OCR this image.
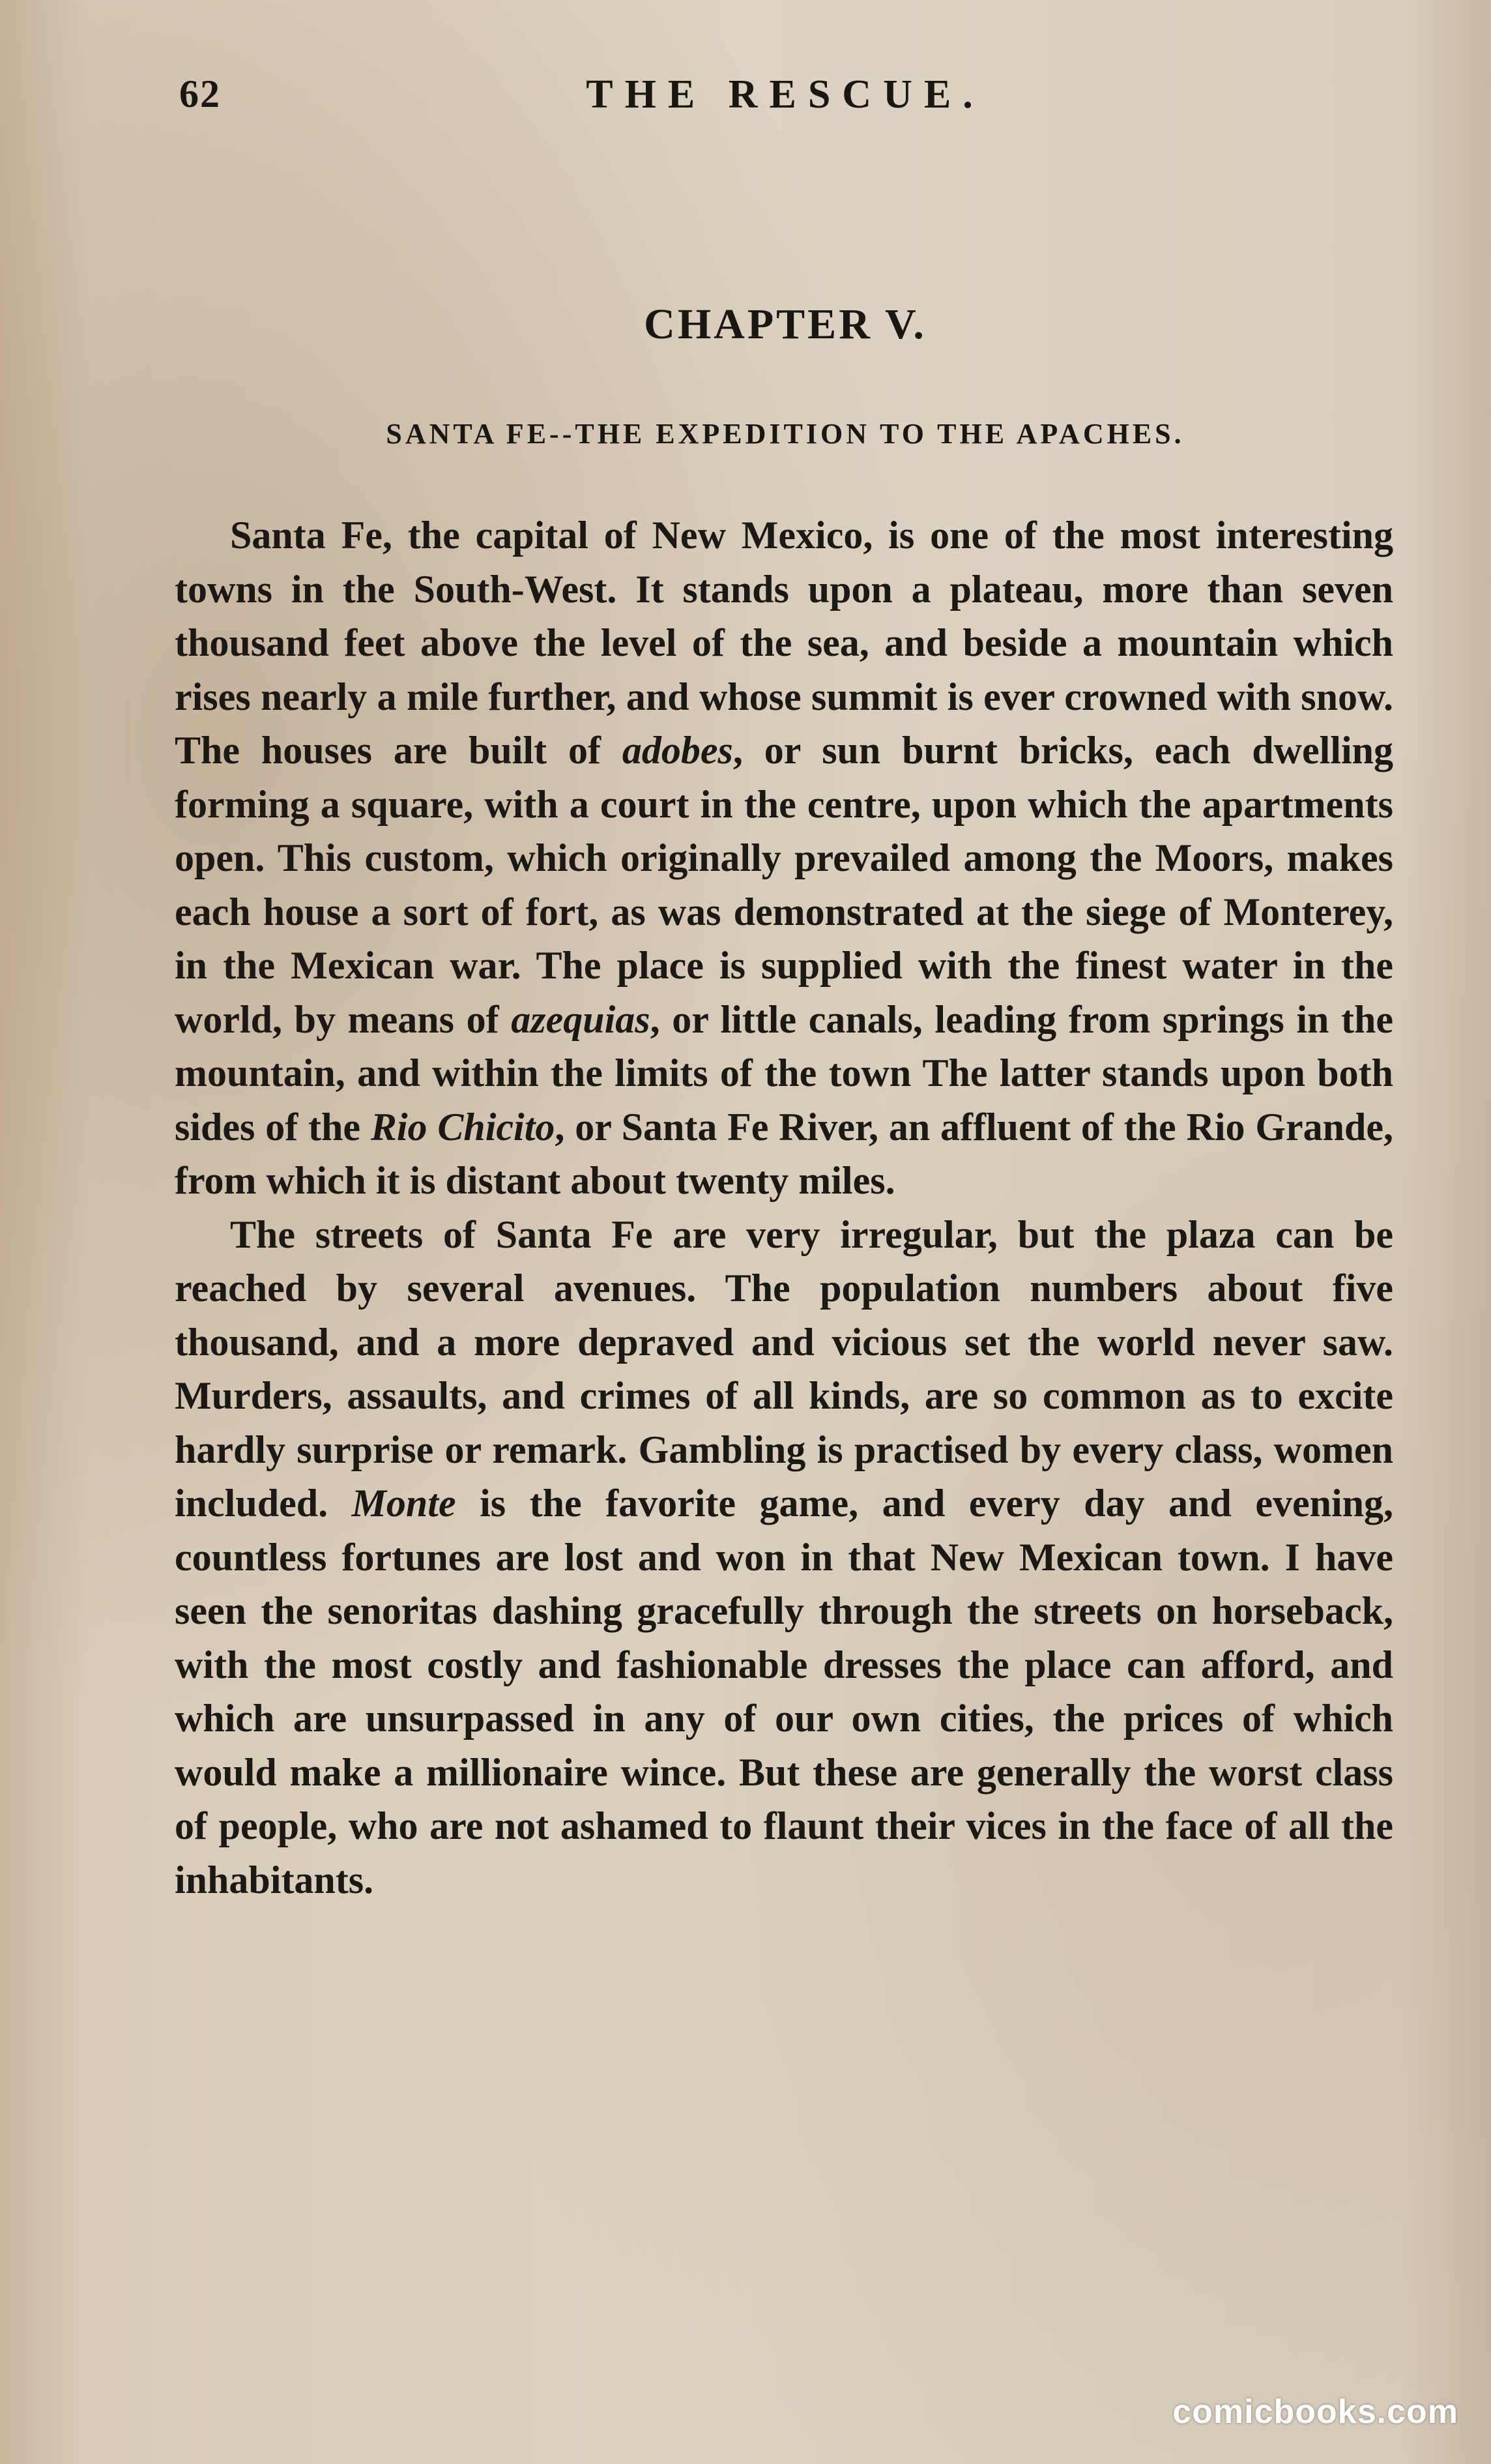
62	THE RESCUE.
CHAPTER V.
SANTA FE--THE EXPEDITION TO THE APACHES.

Santa Fe, the capital of New Mexico, is one of the most interesting towns in the South-West. It stands upon a plateau, more than seven thousand feet above the level of the sea, and beside a mountain which rises nearly a mile further, and whose summit is ever crowned with snow. The houses are built of adobes, or sun burnt bricks, each dwelling forming a square, with a court in the centre, upon which the apartments open. This custom, which originally prevailed among the Moors, makes each house a sort of fort, as was demonstrated at the siege of Monterey, in the Mexican war. The place is supplied with the finest water in the world, by means of azequias, or little canals, leading from springs in the mountain, and within the limits of the town The latter stands upon both sides of the Rio Chicito, or Santa Fe River, an affluent of the Rio Grande, from which it is distant about twenty miles.

The streets of Santa Fe are very irregular, but the plaza can be reached by several avenues. The population numbers about five thousand, and a more depraved and vicious set the world never saw. Murders, assaults, and crimes of all kinds, are so common as to excite hardly surprise or remark. Gambling is practised by every class, women included. Monte is the favorite game, and every day and evening, countless fortunes are lost and won in that New Mexican town. I have seen the senoritas dashing gracefully through the streets on horseback, with the most costly and fashionable dresses the place can afford, and which are unsurpassed in any of our own cities, the prices of which would make a millionaire wince. But these are generally the worst class of people, who are not ashamed to flaunt their vices in the face of all the inhabitants.

comicbooks.com
